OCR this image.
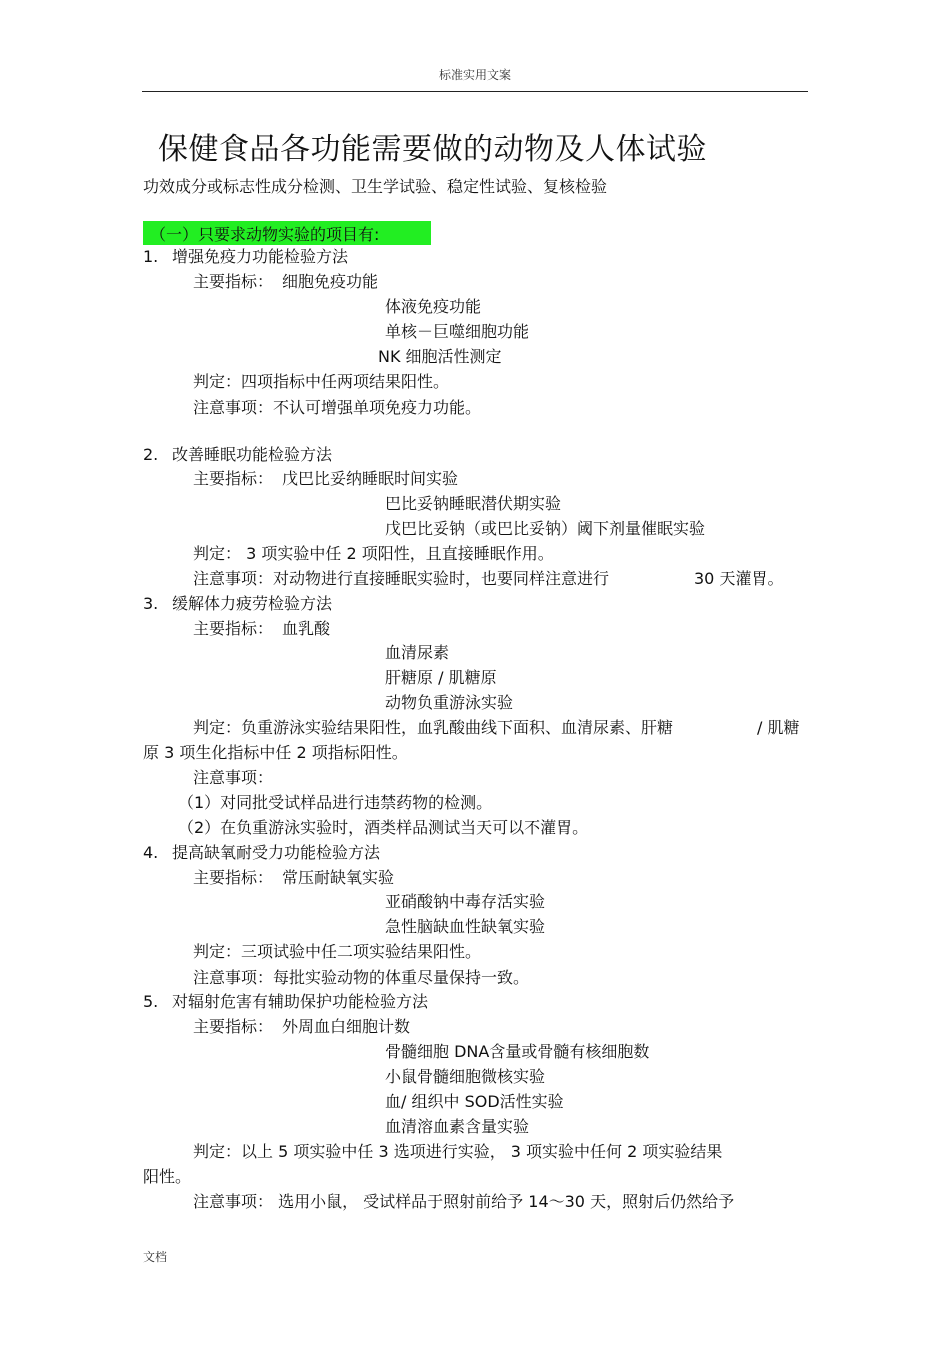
标准实用文案
保健食品各功能需要做的动物及人体试验
功效成分或标志性成分检测、卫生学试验、稳定性试验、复核检验
（一）只要求动物实验的项目有:
1. 增强免疫力功能检验方法
主要指标： 细胞免疫功能
体液免疫功能
单核－巨噬细胞功能
NK 细胞活性测定
判定：四项指标中任两项结果阳性。
注意事项：不认可增强单项免疫力功能。
2. 改善睡眠功能检验方法
主要指标： 戊巴比妥纳睡眠时间实验
巴比妥钠睡眠潜伏期实验
戊巴比妥钠（或巴比妥钠）阈下剂量催眠实验
判定： 3 项实验中任 2 项阳性，且直接睡眠作用。
注意事项：对动物进行直接睡眠实验时，也要同样注意进行	30 天灌胃。
3. 缓解体力疲劳检验方法
主要指标： 血乳酸
血清尿素
肝糖原 / 肌糖原
动物负重游泳实验
判定：负重游泳实验结果阳性，血乳酸曲线下面积、血清尿素、肝糖	/ 肌糖
原 3 项生化指标中任 2 项指标阳性。
注意事项：
（1）对同批受试样品进行违禁药物的检测。
（2）在负重游泳实验时，酒类样品测试当天可以不灌胃。
4. 提高缺氧耐受力功能检验方法
主要指标： 常压耐缺氧实验
亚硝酸钠中毒存活实验
急性脑缺血性缺氧实验
判定：三项试验中任二项实验结果阳性。
注意事项：每批实验动物的体重尽量保持一致。
5. 对辐射危害有辅助保护功能检验方法
主要指标： 外周血白细胞计数
骨髓细胞 DNA含量或骨髓有核细胞数
小鼠骨髓细胞微核实验
血/ 组织中 SOD活性实验
血清溶血素含量实验
判定：以上 5 项实验中任 3 选项进行实验， 3 项实验中任何 2 项实验结果
阳性。
注意事项： 选用小鼠， 受试样品于照射前给予 14～30 天，照射后仍然给予
文档
